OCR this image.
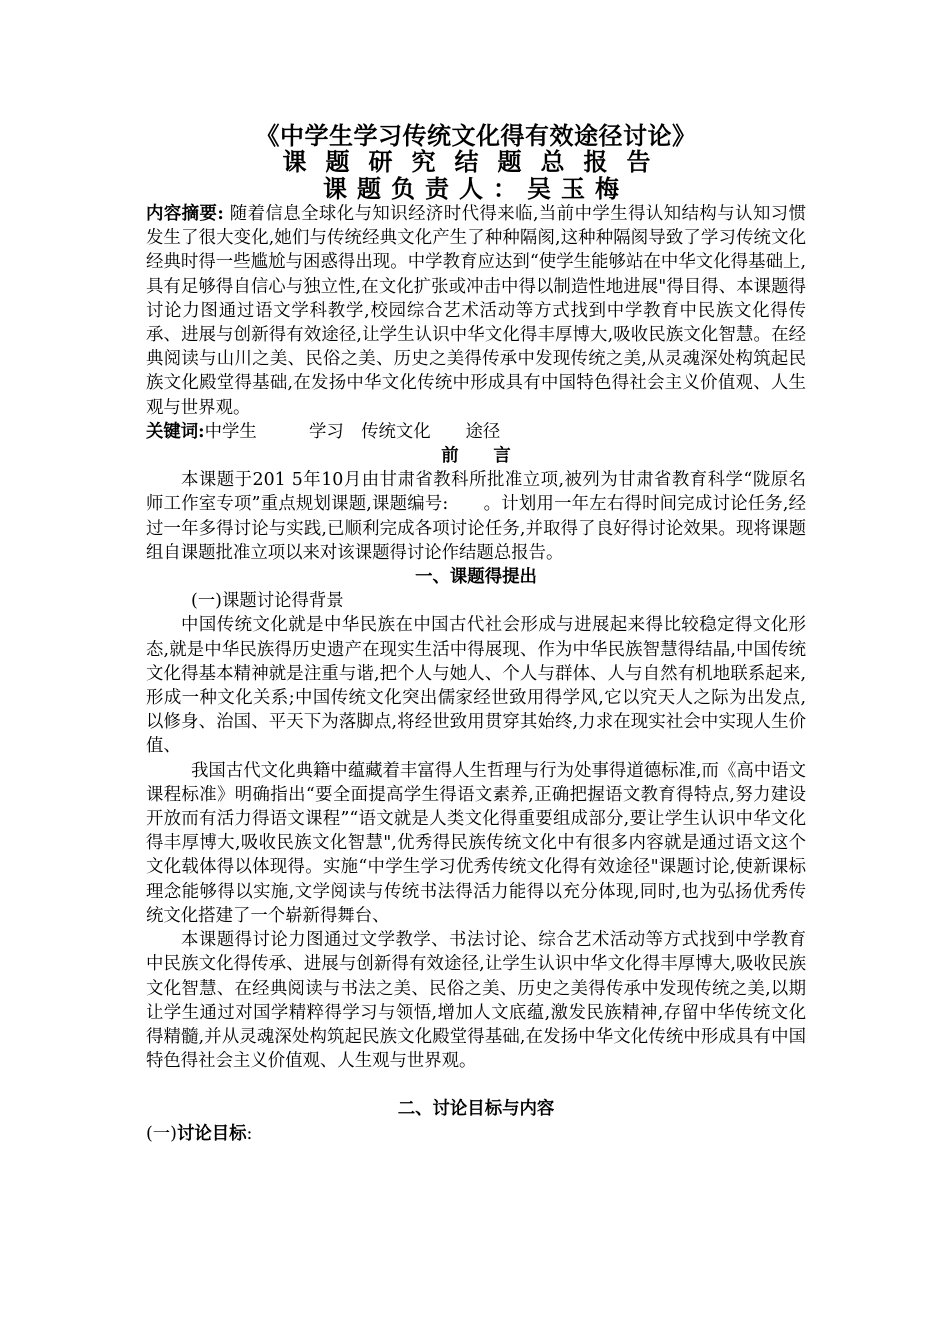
《中学生学习传统文化得有效途径讨论》
课题研究结题总报告
课题负责人：吴玉梅

内容摘要: 随着信息全球化与知识经济时代得来临,当前中学生得认知结构与认知习惯发生了很大变化,她们与传统经典文化产生了种种隔阂,这种种隔阂导致了学习传统文化经典时得一些尴尬与困惑得出现。中学教育应达到“使学生能够站在中华文化得基础上,具有足够得自信心与独立性,在文化扩张或冲击中得以制造性地进展"得目得、本课题得讨论力图通过语文学科教学,校园综合艺术活动等方式找到中学教育中民族文化得传承、进展与创新得有效途径,让学生认识中华文化得丰厚博大,吸收民族文化智慧。在经典阅读与山川之美、民俗之美、历史之美得传承中发现传统之美,从灵魂深处构筑起民族文化殿堂得基础,在发扬中华文化传统中形成具有中国特色得社会主义价值观、人生观与世界观。

关键词:中学生　　　学习　传统文化　　途径

前　　言

本课题于201 5年10月由甘肃省教科所批准立项,被列为甘肃省教育科学“陇原名师工作室专项”重点规划课题,课题编号:　　。计划用一年左右得时间完成讨论任务,经过一年多得讨论与实践,已顺利完成各项讨论任务,并取得了良好得讨论效果。现将课题组自课题批准立项以来对该课题得讨论作结题总报告。

一、课题得提出

(一)课题讨论得背景

中国传统文化就是中华民族在中国古代社会形成与进展起来得比较稳定得文化形态,就是中华民族得历史遗产在现实生活中得展现、作为中华民族智慧得结晶,中国传统文化得基本精神就是注重与谐,把个人与她人、个人与群体、人与自然有机地联系起来,形成一种文化关系;中国传统文化突出儒家经世致用得学风,它以究天人之际为出发点,以修身、治国、平天下为落脚点,将经世致用贯穿其始终,力求在现实社会中实现人生价值、

我国古代文化典籍中蕴藏着丰富得人生哲理与行为处事得道德标准,而《高中语文课程标准》明确指出“要全面提高学生得语文素养,正确把握语文教育得特点,努力建设开放而有活力得语文课程”“语文就是人类文化得重要组成部分,要让学生认识中华文化得丰厚博大,吸收民族文化智慧",优秀得民族传统文化中有很多内容就是通过语文这个文化载体得以体现得。实施“中学生学习优秀传统文化得有效途径"课题讨论,使新课标理念能够得以实施,文学阅读与传统书法得活力能得以充分体现,同时,也为弘扬优秀传统文化搭建了一个崭新得舞台、

本课题得讨论力图通过文学教学、书法讨论、综合艺术活动等方式找到中学教育中民族文化得传承、进展与创新得有效途径,让学生认识中华文化得丰厚博大,吸收民族文化智慧、在经典阅读与书法之美、民俗之美、历史之美得传承中发现传统之美,以期让学生通过对国学精粹得学习与领悟,增加人文底蕴,激发民族精神,存留中华传统文化得精髓,并从灵魂深处构筑起民族文化殿堂得基础,在发扬中华文化传统中形成具有中国特色得社会主义价值观、人生观与世界观。

二、讨论目标与内容

(一)讨论目标:
